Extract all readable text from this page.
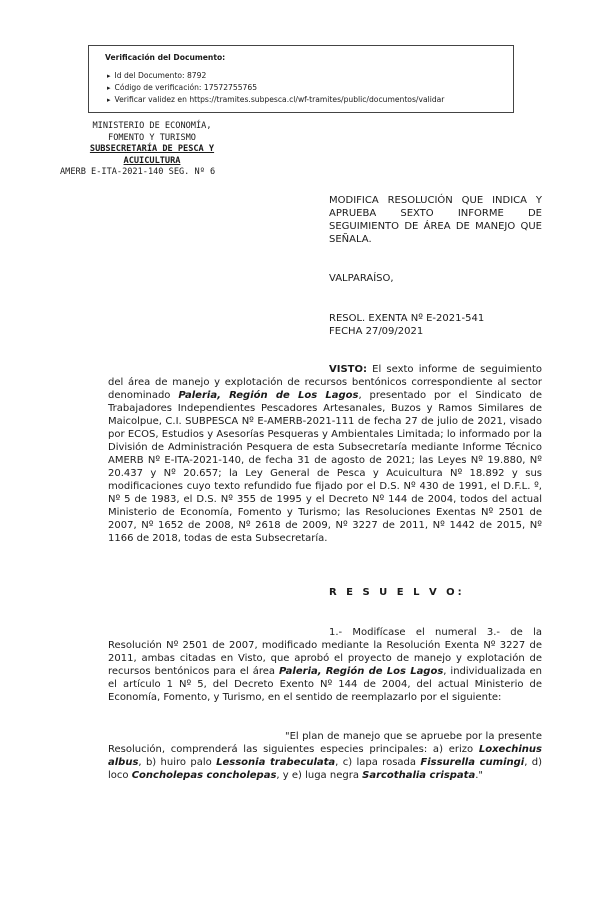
Verificación del Documento:
▸ Id del Documento: 8792
▸ Código de verificación: 17572755765
▸ Verificar validez en https://tramites.subpesca.cl/wf-tramites/public/documentos/validar
MINISTERIO DE ECONOMÍA,
FOMENTO Y TURISMO
SUBSECRETARÍA DE PESCA Y
ACUICULTURA
AMERB E-ITA-2021-140 SEG. Nº 6
MODIFICA RESOLUCIÓN QUE INDICA Y APRUEBA SEXTO INFORME DE SEGUIMIENTO DE ÁREA DE MANEJO QUE SEÑALA.
VALPARAÍSO,
RESOL. EXENTA Nº E-2021-541
FECHA 27/09/2021
VISTO: El sexto informe de seguimiento del área de manejo y explotación de recursos bentónicos correspondiente al sector denominado Paleria, Región de Los Lagos, presentado por el Sindicato de Trabajadores Independientes Pescadores Artesanales, Buzos y Ramos Similares de Maicolpue, C.I. SUBPESCA Nº E-AMERB-2021-111 de fecha 27 de julio de 2021, visado por ECOS, Estudios y Asesorías Pesqueras y Ambientales Limitada; lo informado por la División de Administración Pesquera de esta Subsecretaría mediante Informe Técnico AMERB Nº E-ITA-2021-140, de fecha 31 de agosto de 2021; las Leyes Nº 19.880, Nº 20.437 y Nº 20.657; la Ley General de Pesca y Acuicultura Nº 18.892 y sus modificaciones cuyo texto refundido fue fijado por el D.S. Nº 430 de 1991, el D.F.L. º, Nº 5 de 1983, el D.S. Nº 355 de 1995 y el Decreto Nº 144 de 2004, todos del actual Ministerio de Economía, Fomento y Turismo; las Resoluciones Exentas Nº 2501 de 2007, Nº 1652 de 2008, Nº 2618 de 2009, Nº 3227 de 2011, Nº 1442 de 2015, Nº 1166 de 2018, todas de esta Subsecretaría.
R E S U E L V O:
1.- Modifícase el numeral 3.- de la Resolución Nº 2501 de 2007, modificado mediante la Resolución Exenta Nº 3227 de 2011, ambas citadas en Visto, que aprobó el proyecto de manejo y explotación de recursos bentónicos para el área Paleria, Región de Los Lagos, individualizada en el artículo 1 Nº 5, del Decreto Exento Nº 144 de 2004, del actual Ministerio de Economía, Fomento, y Turismo, en el sentido de reemplazarlo por el siguiente:
"El plan de manejo que se apruebe por la presente Resolución, comprenderá las siguientes especies principales: a) erizo Loxechinus albus, b) huiro palo Lessonia trabeculata, c) lapa rosada Fissurella cumingi, d) loco Concholepas concholepas, y e) luga negra Sarcothalia crispata."
